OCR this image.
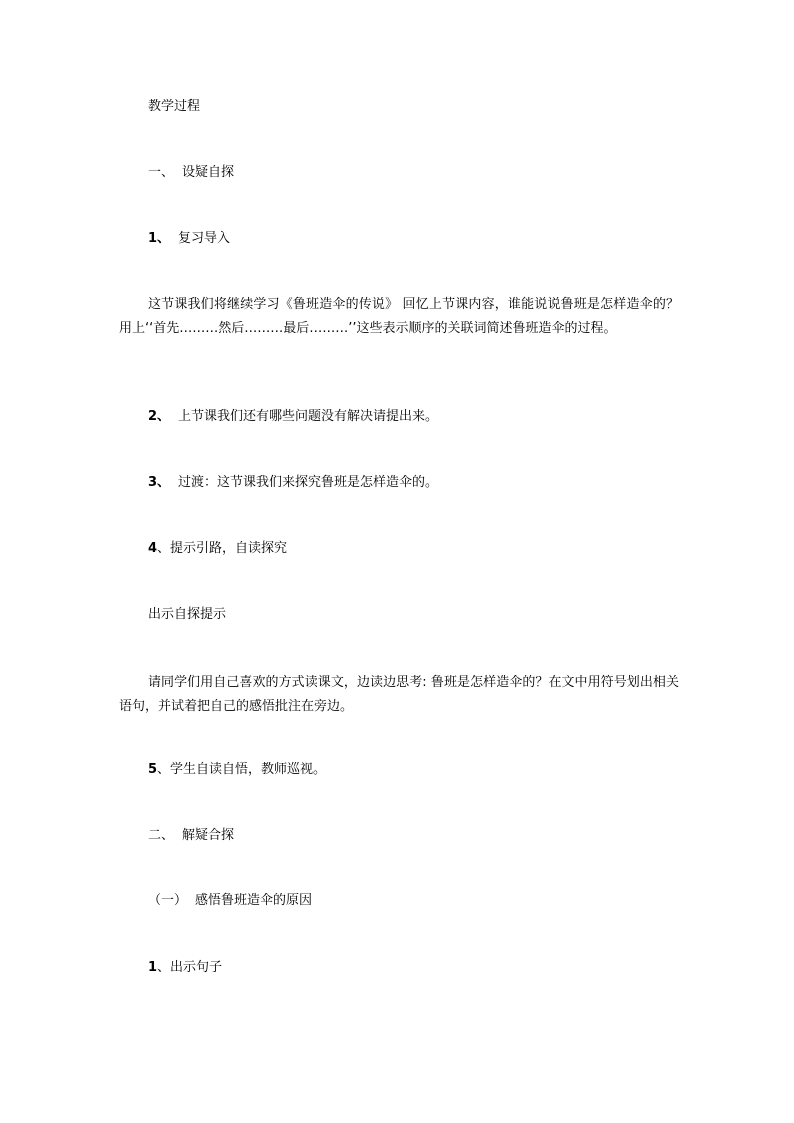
教学过程
一、 设疑自探
1、 复习导入
这节课我们将继续学习《鲁班造伞的传说》 回忆上节课内容，谁能说说鲁班是怎样造伞的？用上‘‘首先………然后………最后………’’这些表示顺序的关联词简述鲁班造伞的过程。
2、 上节课我们还有哪些问题没有解决请提出来。
3、 过渡：这节课我们来探究鲁班是怎样造伞的。
4、提示引路，自读探究
出示自探提示
请同学们用自己喜欢的方式读课文，边读边思考: 鲁班是怎样造伞的？在文中用符号划出相关语句，并试着把自己的感悟批注在旁边。
5、学生自读自悟，教师巡视。
二、 解疑合探
（一） 感悟鲁班造伞的原因
1、出示句子
